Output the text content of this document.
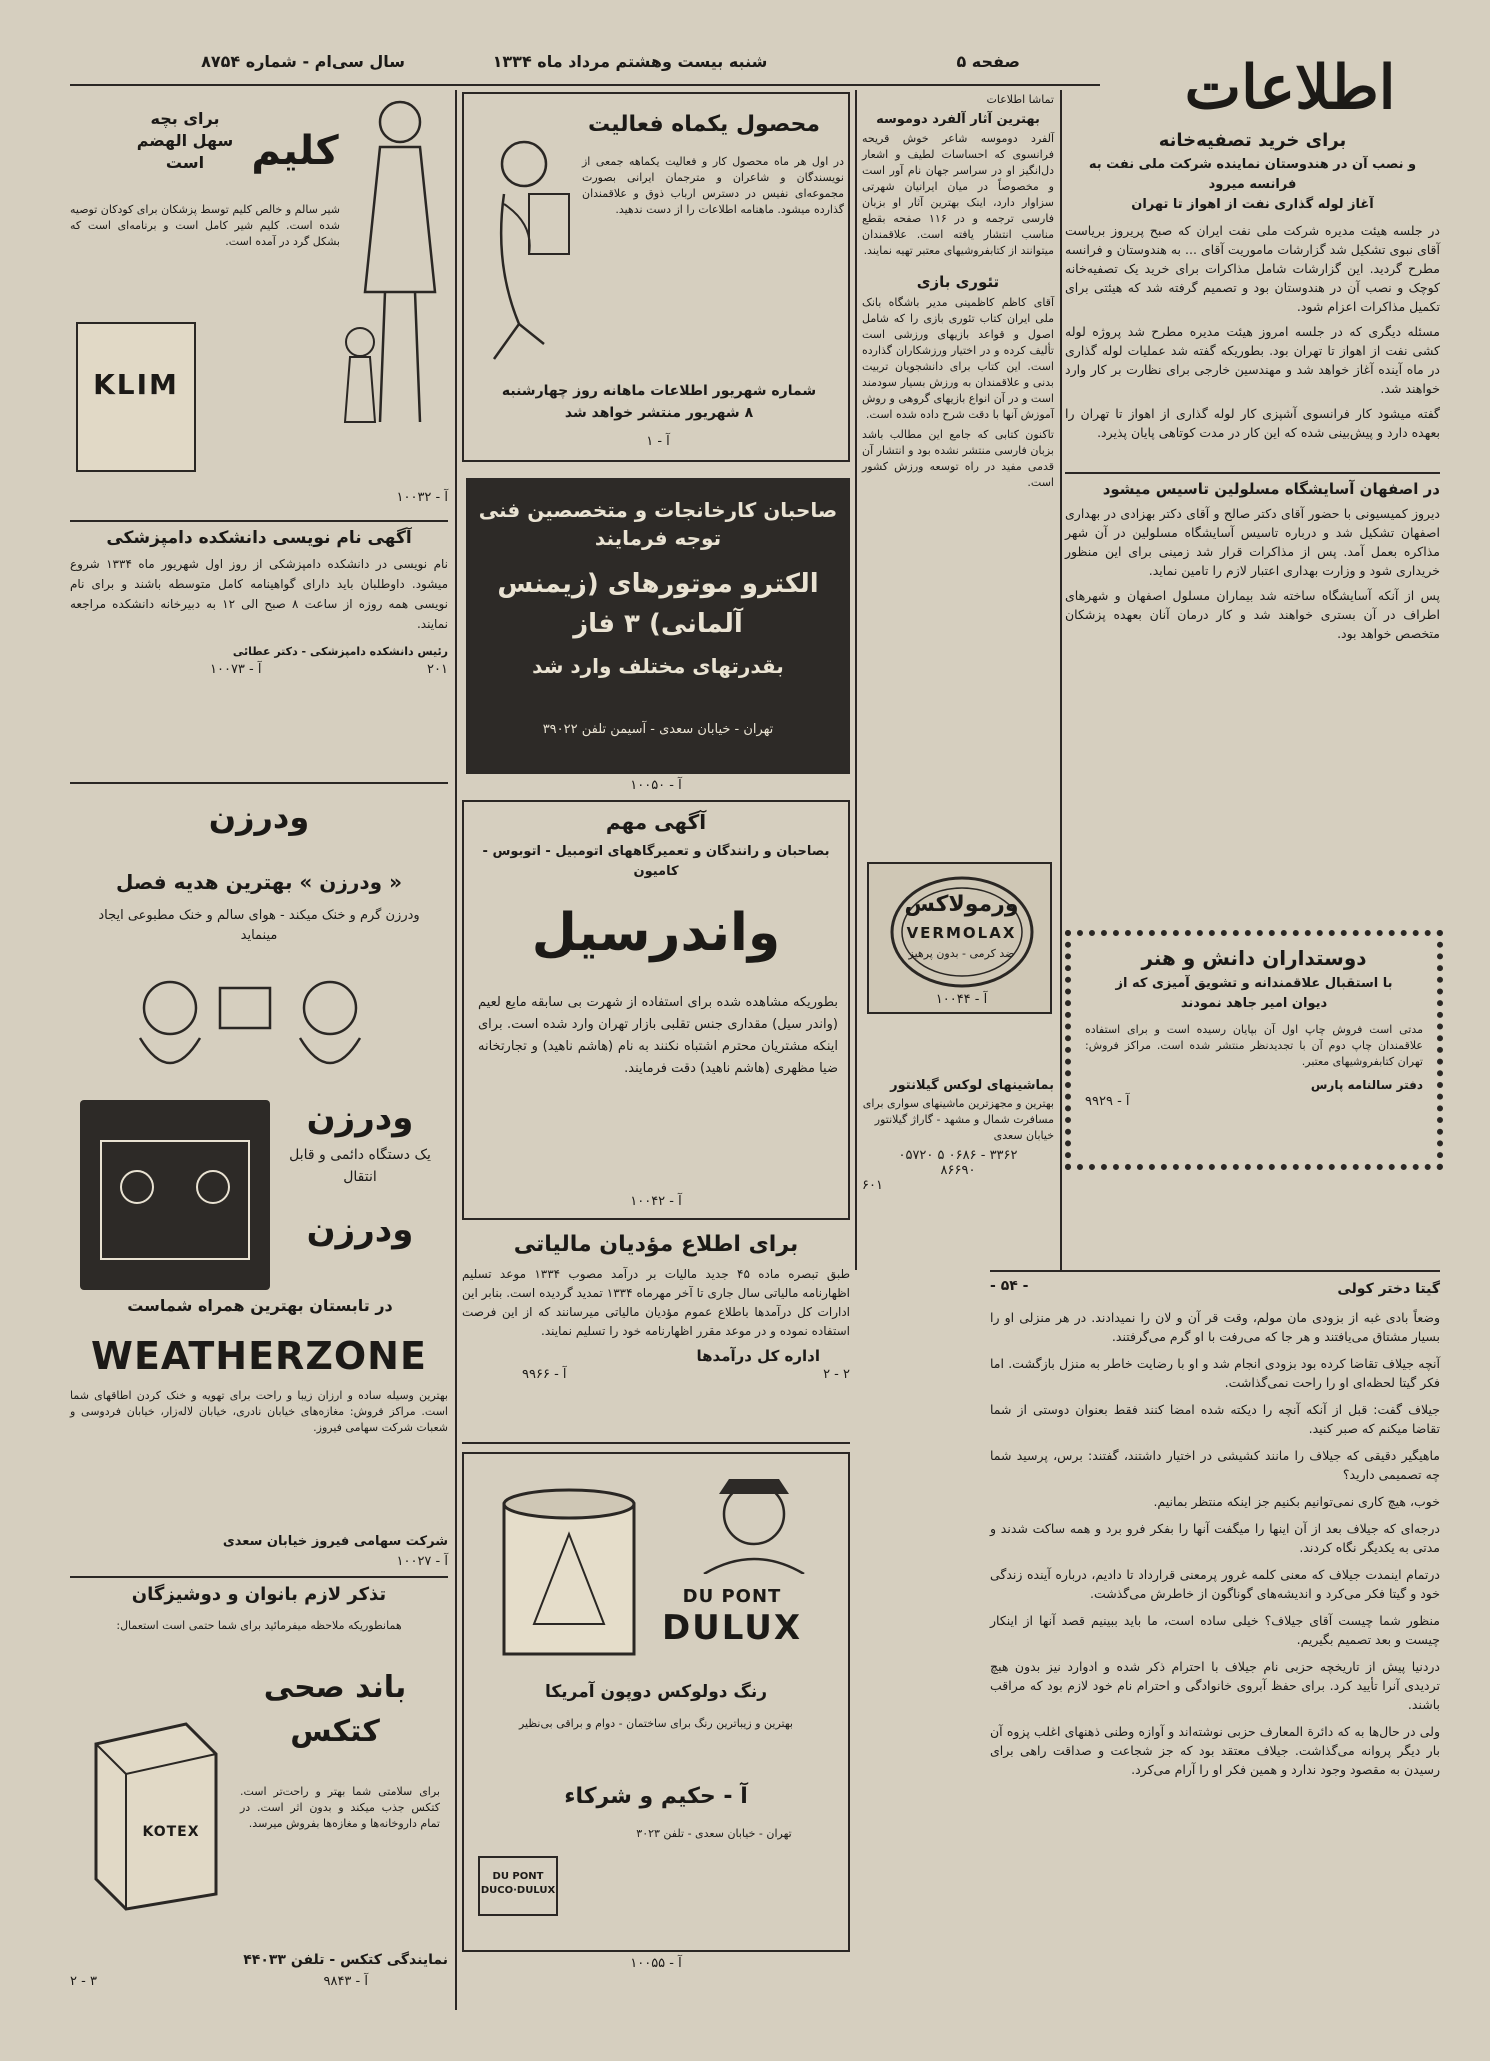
اطلاعات
صفحه ۵
شنبه بیست وهشتم مرداد ماه ۱۳۳۴
سال سی‌ام - شماره ۸۷۵۴
برای خرید تصفیه‌خانه
و نصب آن در هندوستان نماینده شرکت ملی نفت به فرانسه میرود
آغاز لوله گذاری نفت از اهواز تا تهران
در جلسه هیئت مدیره شرکت ملی نفت ایران که صبح پریروز بریاست آقای نبوی تشکیل شد گزارشات ماموریت آقای ... به هندوستان و فرانسه مطرح گردید. این گزارشات شامل مذاکرات برای خرید یک تصفیه‌خانه کوچک و نصب آن در هندوستان بود و تصمیم گرفته شد که هیئتی برای تکمیل مذاکرات اعزام شود.
مسئله دیگری که در جلسه امروز هیئت مدیره مطرح شد پروژه لوله کشی نفت از اهواز تا تهران بود. بطوریکه گفته شد عملیات لوله گذاری در ماه آینده آغاز خواهد شد و مهندسین خارجی برای نظارت بر کار وارد خواهند شد.
گفته میشود کار فرانسوی آشپزی کار لوله گذاری از اهواز تا تهران را بعهده دارد و پیش‌بینی شده که این کار در مدت کوتاهی پایان پذیرد.
در اصفهان آسایشگاه مسلولین تاسیس میشود
دیروز کمیسیونی با حضور آقای دکتر صالح و آقای دکتر بهزادی در بهداری اصفهان تشکیل شد و درباره تاسیس آسایشگاه مسلولین در آن شهر مذاکره بعمل آمد. پس از مذاکرات قرار شد زمینی برای این منظور خریداری شود و وزارت بهداری اعتبار لازم را تامین نماید.
پس از آنکه آسایشگاه ساخته شد بیماران مسلول اصفهان و شهرهای اطراف در آن بستری خواهند شد و کار درمان آنان بعهده پزشکان متخصص خواهد بود.
دوستداران دانش و هنر
با استقبال علاقمندانه و تشویق آمیزی که از
دیوان امیر جاهد نمودند
مدتی است فروش چاپ اول آن بپایان رسیده است و برای استفاده علاقمندان چاپ دوم آن با تجدیدنظر منتشر شده است. مراکز فروش: تهران کتابفروشیهای معتبر.
دفتر سالنامه پارس
آ - ۹۹۲۹
تماشا اطلاعات
بهترین آثار آلفرد دوموسه
آلفرد دوموسه شاعر خوش قریحه فرانسوی که احساسات لطیف و اشعار دل‌انگیز او در سراسر جهان نام آور است و مخصوصاً در میان ایرانیان شهرتی سزاوار دارد، اینک بهترین آثار او بزبان فارسی ترجمه و در ۱۱۶ صفحه بقطع مناسب انتشار یافته است. علاقمندان میتوانند از کتابفروشیهای معتبر تهیه نمایند.
تئوری بازی
آقای کاظم کاظمینی مدیر باشگاه بانک ملی ایران کتاب تئوری بازی را که شامل اصول و قواعد بازیهای ورزشی است تألیف کرده و در اختیار ورزشکاران گذارده است. این کتاب برای دانشجویان تربیت بدنی و علاقمندان به ورزش بسیار سودمند است و در آن انواع بازیهای گروهی و روش آموزش آنها با دقت شرح داده شده است.
تاکنون کتابی که جامع این مطالب باشد بزبان فارسی منتشر نشده بود و انتشار آن قدمی مفید در راه توسعه ورزش کشور است.
ورمولاکس
VERMOLAX
ضد کرمی - بدون پرهیز
آ - ۱۰۰۴۴
بماشینهای لوکس گیلانتور
بهترین و مجهزترین ماشینهای سواری برای مسافرت شمال و مشهد ‌- گاراژ گیلانتور
خیابان سعدی
۳۳۶۲ - ۰۶۸۶ ۵ ۰۵۷۲۰
۸۶۶۹۰
۶۰۱
محصول یکماه فعالیت
در اول هر ماه محصول کار و فعالیت یکماهه جمعی از نویسندگان و شاعران و مترجمان ایرانی بصورت مجموعه‌ای نفیس در دسترس ارباب ذوق و علاقمندان گذارده میشود. ماهنامه اطلاعات را از دست ندهید.
شماره شهریور اطلاعات ماهانه روز چهارشنبه
۸ شهریور منتشر خواهد شد
آ - ۱
صاحبان کارخانجات و متخصصین فنی توجه فرمایند
الکترو موتورهای (زیمنس آلمانی) ۳ فاز
بقدرتهای مختلف وارد شد
تهران - خیابان سعدی - آسیمن تلفن ۳۹۰۲۲
آ - ۱۰۰۵۰
آگهی مهم
بصاحبان و رانندگان و تعمیرگاههای اتومبیل - اتوبوس - کامیون
واندرسیل
بطوریکه مشاهده شده برای استفاده از شهرت بی سابقه مایع لعیم (واندر سیل) مقداری جنس تقلبی بازار تهران وارد شده است. برای اینکه مشتریان محترم اشتباه نکنند به نام (هاشم ناهید) و تجارتخانه ضیا مظهری (هاشم ناهید) دقت فرمایند.
آ - ۱۰۰۴۲
برای اطلاع مؤدیان مالیاتی
طبق تبصره ماده ۴۵ جدید مالیات بر درآمد مصوب ۱۳۳۴ موعد تسلیم اظهارنامه مالیاتی سال جاری تا آخر مهرماه ۱۳۳۴ تمدید گردیده است. بنابر این ادارات کل درآمدها باطلاع عموم مؤدیان مالیاتی میرسانند که از این فرصت استفاده نموده و در موعد مقرر اظهارنامه خود را تسلیم نمایند.
اداره کل درآمدها
۲ - ۲
آ - ۹۹۶۶
DU PONT
DULUX
رنگ دولوکس دوپون آمریکا
بهترین و زیباترین رنگ برای ساختمان - دوام و براقی بی‌نظیر
آ - حکیم و شرکاء
تهران - خیابان سعدی - تلفن ۳۰۲۳
DU PONT
DUCO·DULUX
آ - ۱۰۰۵۵
کلیم
برای بچه سهل الهضم است
شیر سالم و خالص کلیم توسط پزشکان برای کودکان توصیه شده است. کلیم شیر کامل است و برنامه‌ای است که بشکل گرد در آمده است.
KLIM
آ - ۱۰۰۳۲
آگهی نام نویسی دانشکده دامپزشکی
نام نویسی در دانشکده دامپزشکی از روز اول شهریور ماه ۱۳۳۴ شروع میشود. داوطلبان باید دارای گواهینامه کامل متوسطه باشند و برای نام نویسی همه روزه از ساعت ۸ صبح الی ۱۲ به دبیرخانه دانشکده مراجعه نمایند.
رئیس دانشکده دامپزشکی - دکتر عطائی
۲۰۱
آ - ۱۰۰۷۳
ودرزن
« ودرزن » بهترین هدیه فصل
ودرزن گرم و خنک میکند - هوای سالم و خنک مطبوعی ایجاد مینماید
ودرزن
یک دستگاه دائمی و قابل انتقال
ودرزن
در تابستان بهترین همراه شماست
WEATHERZONE
بهترین وسیله ساده و ارزان زیبا و راحت برای تهویه و خنک کردن اطاقهای شما است. مراکز فروش: مغازه‌های خیابان نادری، خیابان لاله‌زار، خیابان فردوسی و شعبات شرکت سهامی فیروز.
شرکت سهامی فیروز خیابان سعدی
آ - ۱۰۰۲۷
تذکر لازم بانوان و دوشیزگان
همانطوریکه ملاحظه میفرمائید برای شما حتمی است استعمال:
باند صحی کتکس
KOTEX
برای سلامتی شما بهتر و راحت‌تر است. کتکس جذب میکند و بدون اثر است. در تمام داروخانه‌ها و مغازه‌ها بفروش میرسد.
نمایندگی کتکس - تلفن ۴۴۰۳۳
۲ - ۳	آ - ۹۸۴۳
گیتا دختر کولی
- ۵۴ -

وضعاً بادی غبه از بزودی مان مولم، وقت قر آن و لان را نمیدادند. در هر منزلی او را بسیار مشتاق می‌یافتند و هر جا که می‌رفت با او گرم می‌گرفتند.

آنچه جیلاف تقاضا کرده بود بزودی انجام شد و او با رضایت خاطر به منزل بازگشت. اما فکر گیتا لحظه‌ای او را راحت نمی‌گذاشت.

جیلاف گفت: قبل از آنکه آنچه را دیکته شده امضا کنند فقط بعنوان دوستی از شما تقاضا میکنم که صبر کنید.

ماهیگیر دقیقی که جیلاف را مانند کشیشی در اختیار داشتند، گفتند: برس، پرسید شما چه تصمیمی دارید؟

خوب، هیچ کاری نمی‌توانیم بکنیم جز اینکه منتظر بمانیم.

درجه‌ای که جیلاف بعد از آن اینها را میگفت آنها را بفکر فرو برد و همه ساکت شدند و مدتی به یکدیگر نگاه کردند.

درتمام اینمدت جیلاف که معنی کلمه غرور پرمعنی قرارداد تا دادیم، درباره آینده زندگی خود و گیتا فکر می‌کرد و اندیشه‌های گوناگون از خاطرش می‌گذشت.

منظور شما چیست آقای جیلاف؟ خیلی ساده است، ما باید ببینیم قصد آنها از اینکار چیست و بعد تصمیم بگیریم.

دردنیا پیش از تاریخچه حزبی نام جیلاف با احترام ذکر شده و ادوارد نیز بدون هیچ تردیدی آنرا تأیید کرد. برای حفظ آبروی خانوادگی و احترام نام خود لازم بود که مراقب باشند.

ولی در حال‌ها به که دائرة المعارف حزبی نوشته‌اند و آوازه وطنی ذهنهای اغلب پزوه آن بار دیگر پروانه می‌گذاشت. جیلاف معتقد بود که جز شجاعت و صداقت راهی برای رسیدن به مقصود وجود ندارد و همین فکر او را آرام می‌کرد.
